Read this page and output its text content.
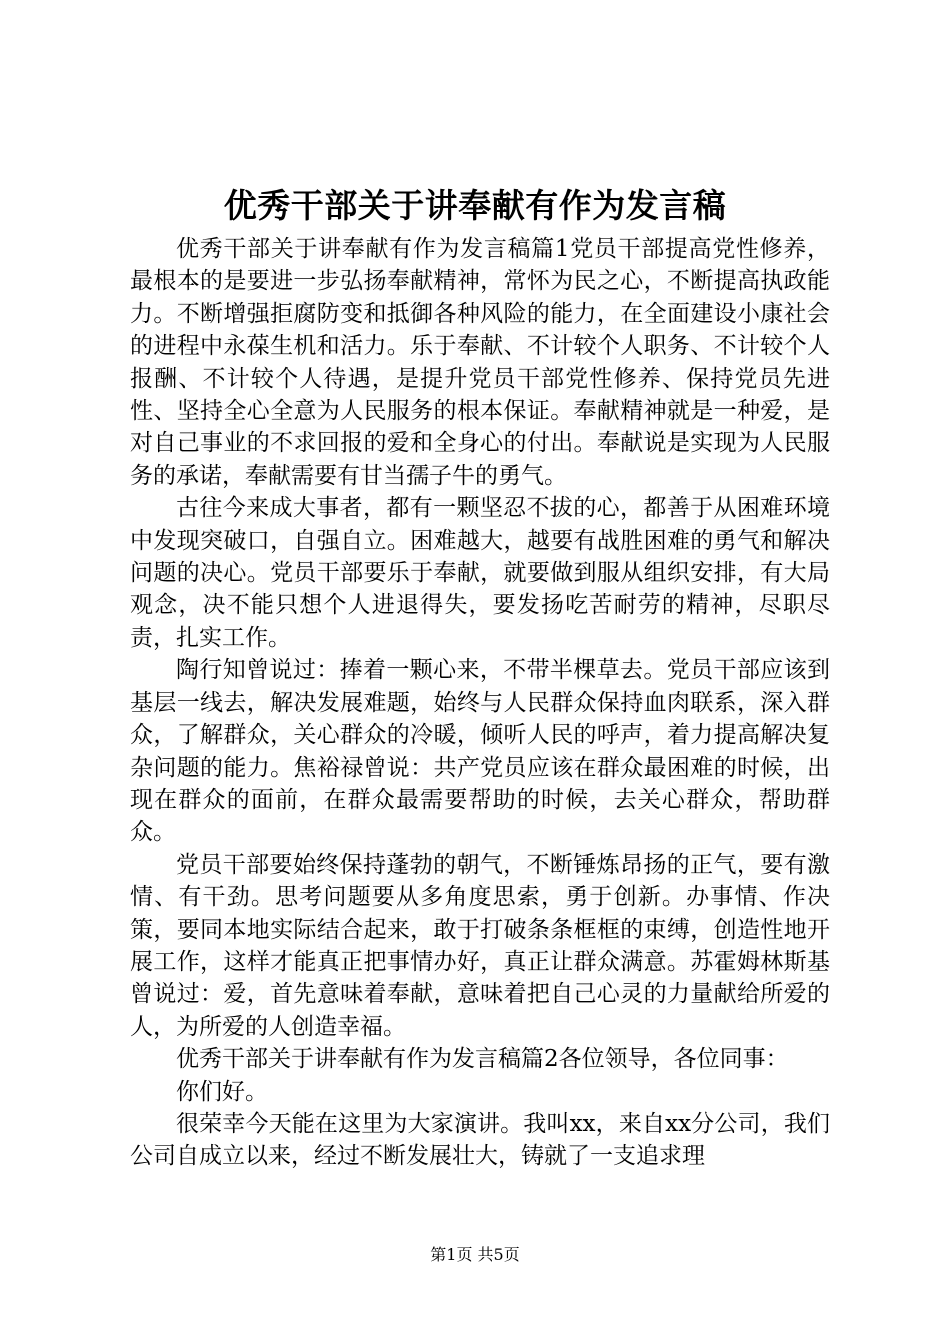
优秀干部关于讲奉献有作为发言稿

优秀干部关于讲奉献有作为发言稿篇1党员干部提高党性修养，最根本的是要进一步弘扬奉献精神，常怀为民之心，不断提高执政能力。不断增强拒腐防变和抵御各种风险的能力，在全面建设小康社会的进程中永葆生机和活力。乐于奉献、不计较个人职务、不计较个人报酬、不计较个人待遇，是提升党员干部党性修养、保持党员先进性、坚持全心全意为人民服务的根本保证。奉献精神就是一种爱，是对自己事业的不求回报的爱和全身心的付出。奉献说是实现为人民服务的承诺，奉献需要有甘当孺子牛的勇气。

古往今来成大事者，都有一颗坚忍不拔的心，都善于从困难环境中发现突破口，自强自立。困难越大，越要有战胜困难的勇气和解决问题的决心。党员干部要乐于奉献，就要做到服从组织安排，有大局观念，决不能只想个人进退得失，要发扬吃苦耐劳的精神，尽职尽责，扎实工作。

陶行知曾说过：捧着一颗心来，不带半棵草去。党员干部应该到基层一线去，解决发展难题，始终与人民群众保持血肉联系，深入群众，了解群众，关心群众的冷暖，倾听人民的呼声，着力提高解决复杂问题的能力。焦裕禄曾说：共产党员应该在群众最困难的时候，出现在群众的面前，在群众最需要帮助的时候，去关心群众，帮助群众。

党员干部要始终保持蓬勃的朝气，不断锤炼昂扬的正气，要有激情、有干劲。思考问题要从多角度思索，勇于创新。办事情、作决策，要同本地实际结合起来，敢于打破条条框框的束缚，创造性地开展工作，这样才能真正把事情办好，真正让群众满意。苏霍姆林斯基曾说过：爱，首先意味着奉献，意味着把自己心灵的力量献给所爱的人，为所爱的人创造幸福。

优秀干部关于讲奉献有作为发言稿篇2各位领导，各位同事：

你们好。

很荣幸今天能在这里为大家演讲。我叫xx，来自xx分公司，我们公司自成立以来，经过不断发展壮大，铸就了一支追求理

第1页 共5页
